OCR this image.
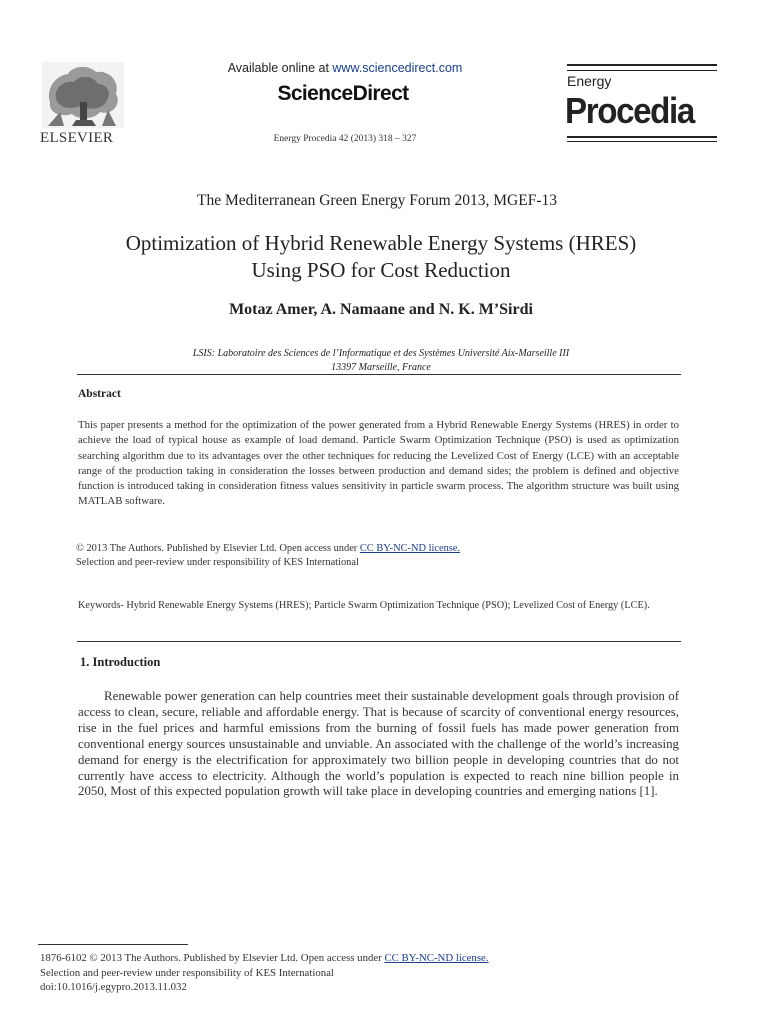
ELSEVIER
Available online at www.sciencedirect.com
ScienceDirect
Energy Procedia 42 (2013) 318 – 327
Energy
Procedia
The Mediterranean Green Energy Forum 2013, MGEF-13
Optimization of Hybrid Renewable Energy Systems (HRES)
Using PSO for Cost Reduction
Motaz Amer, A. Namaane and N. K. M’Sirdi
LSIS: Laboratoire des Sciences de l’Informatique et des Systèmes Université Aix-Marseille III
13397 Marseille, France
Abstract
This paper presents a method for the optimization of the power generated from a Hybrid Renewable Energy Systems (HRES) in order to achieve the load of typical house as example of load demand. Particle Swarm Optimization Technique (PSO) is used as optimization searching algorithm due to its advantages over the other techniques for reducing the Levelized Cost of Energy (LCE) with an acceptable range of the production taking in consideration the losses between production and demand sides; the problem is defined and objective function is introduced taking in consideration fitness values sensitivity in particle swarm process. The algorithm structure was built using MATLAB software.
© 2013 The Authors. Published by Elsevier Ltd. Open access under CC BY-NC-ND license.
Selection and peer-review under responsibility of KES International
Keywords- Hybrid Renewable Energy Systems (HRES); Particle Swarm Optimization Technique (PSO); Levelized Cost of Energy (LCE).
1. Introduction
Renewable power generation can help countries meet their sustainable development goals through provision of access to clean, secure, reliable and affordable energy. That is because of scarcity of conventional energy resources, rise in the fuel prices and harmful emissions from the burning of fossil fuels has made power generation from conventional energy sources unsustainable and unviable. An associated with the challenge of the world’s increasing demand for energy is the electrification for approximately two billion people in developing countries that do not currently have access to electricity. Although the world’s population is expected to reach nine billion people in 2050, Most of this expected population growth will take place in developing countries and emerging nations [1].
1876-6102 © 2013 The Authors. Published by Elsevier Ltd. Open access under CC BY-NC-ND license.
Selection and peer-review under responsibility of KES International
doi:10.1016/j.egypro.2013.11.032
